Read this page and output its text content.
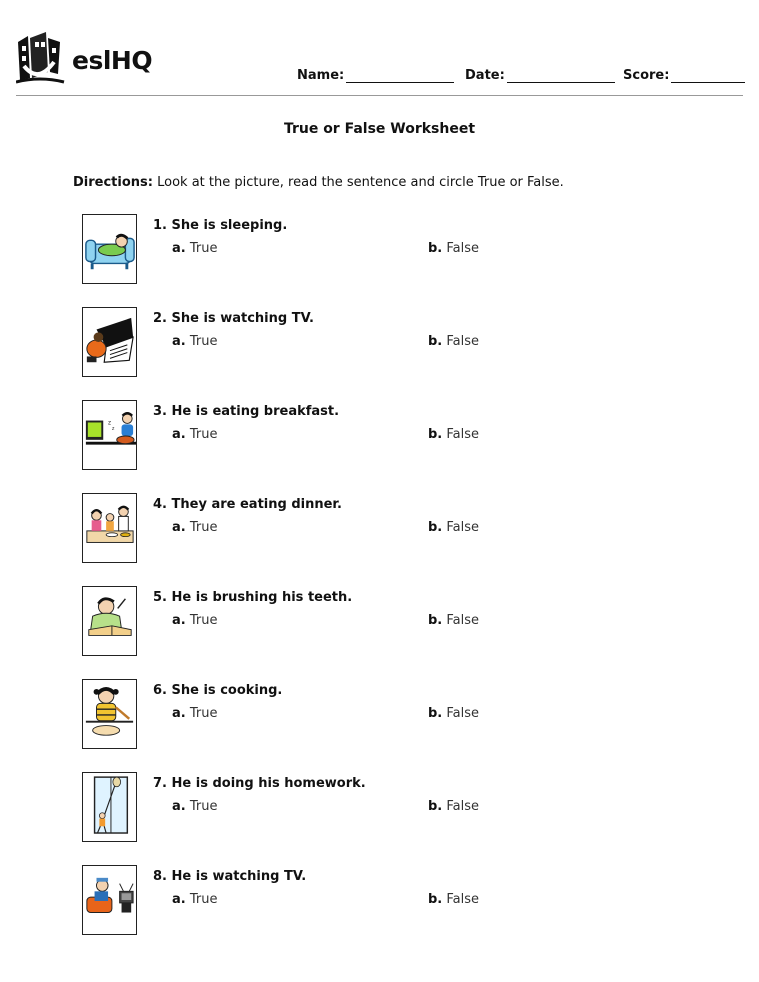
eslHQ
Name:	Date:	Score:
True or False Worksheet
Directions: Look at the picture, read the sentence and circle True or False.
1. She is sleeping.
a. True	b. False
2. She is watching TV.
a. True	b. False
z
z
3. He is eating breakfast.
a. True	b. False
4. They are eating dinner.
a. True	b. False
5. He is brushing his teeth.
a. True	b. False
6. She is cooking.
a. True	b. False
7. He is doing his homework.
a. True	b. False
8. He is watching TV.
a. True	b. False
